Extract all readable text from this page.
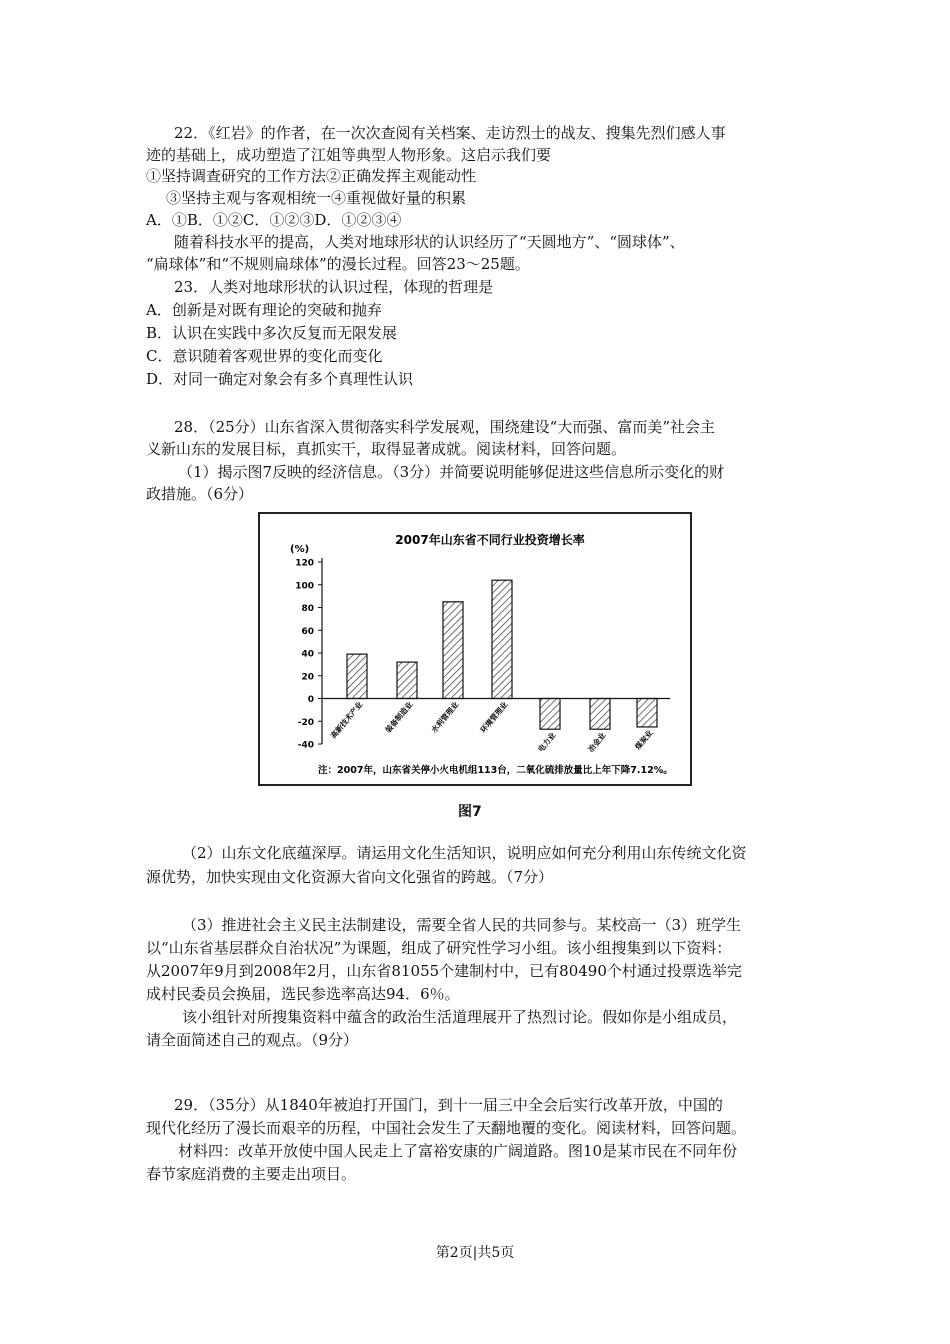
22．《红岩》的作者，在一次次查阅有关档案、走访烈士的战友、搜集先烈们感人事
迹的基础上，成功塑造了江姐等典型人物形象。这启示我们要
①坚持调查研究的工作方法②正确发挥主观能动性
③坚持主观与客观相统一④重视做好量的积累
A．①B．①②C．①②③D．①②③④
随着科技水平的提高，人类对地球形状的认识经历了“天圆地方”、“圆球体”、
“扁球体”和“不规则扁球体”的漫长过程。回答23～25题。
23．人类对地球形状的认识过程，体现的哲理是
A．创新是对既有理论的突破和抛弃
B．认识在实践中多次反复而无限发展
C．意识随着客观世界的变化而变化
D．对同一确定对象会有多个真理性认识
28．（25分）山东省深入贯彻落实科学发展观，围绕建设“大而强、富而美”社会主
义新山东的发展目标，真抓实干，取得显著成就。阅读材料，回答问题。
（1）揭示图7反映的经济信息。（3分）并简要说明能够促进这些信息所示变化的财
政措施。（6分）
2007年山东省不同行业投资增长率
(%)
-40
-20
0
20
40
60
80
100
120
高新技术产业	装备制造业 水利管理业 环境管理业
电力业	冶金业	煤炭业
注：2007年，山东省关停小火电机组113台，二氧化硫排放量比上年下降7.12%。
图7
（2）山东文化底蕴深厚。请运用文化生活知识，说明应如何充分利用山东传统文化资
源优势，加快实现由文化资源大省向文化强省的跨越。（7分）
（3）推进社会主义民主法制建设，需要全省人民的共同参与。某校高一（3）班学生
以“山东省基层群众自治状况”为课题，组成了研究性学习小组。该小组搜集到以下资料：
从2007年9月到2008年2月，山东省81055个建制村中，已有80490个村通过投票选举完
成村民委员会换届，选民参选率高达94．6％。
该小组针对所搜集资料中蕴含的政治生活道理展开了热烈讨论。假如你是小组成员，
请全面简述自己的观点。（9分）
29．（35分）从1840年被迫打开国门，到十一届三中全会后实行改革开放，中国的
现代化经历了漫长而艰辛的历程，中国社会发生了天翻地覆的变化。阅读材料，回答问题。
材料四：改革开放使中国人民走上了富裕安康的广阔道路。图10是某市民在不同年份
春节家庭消费的主要走出项目。
第2页|共5页
